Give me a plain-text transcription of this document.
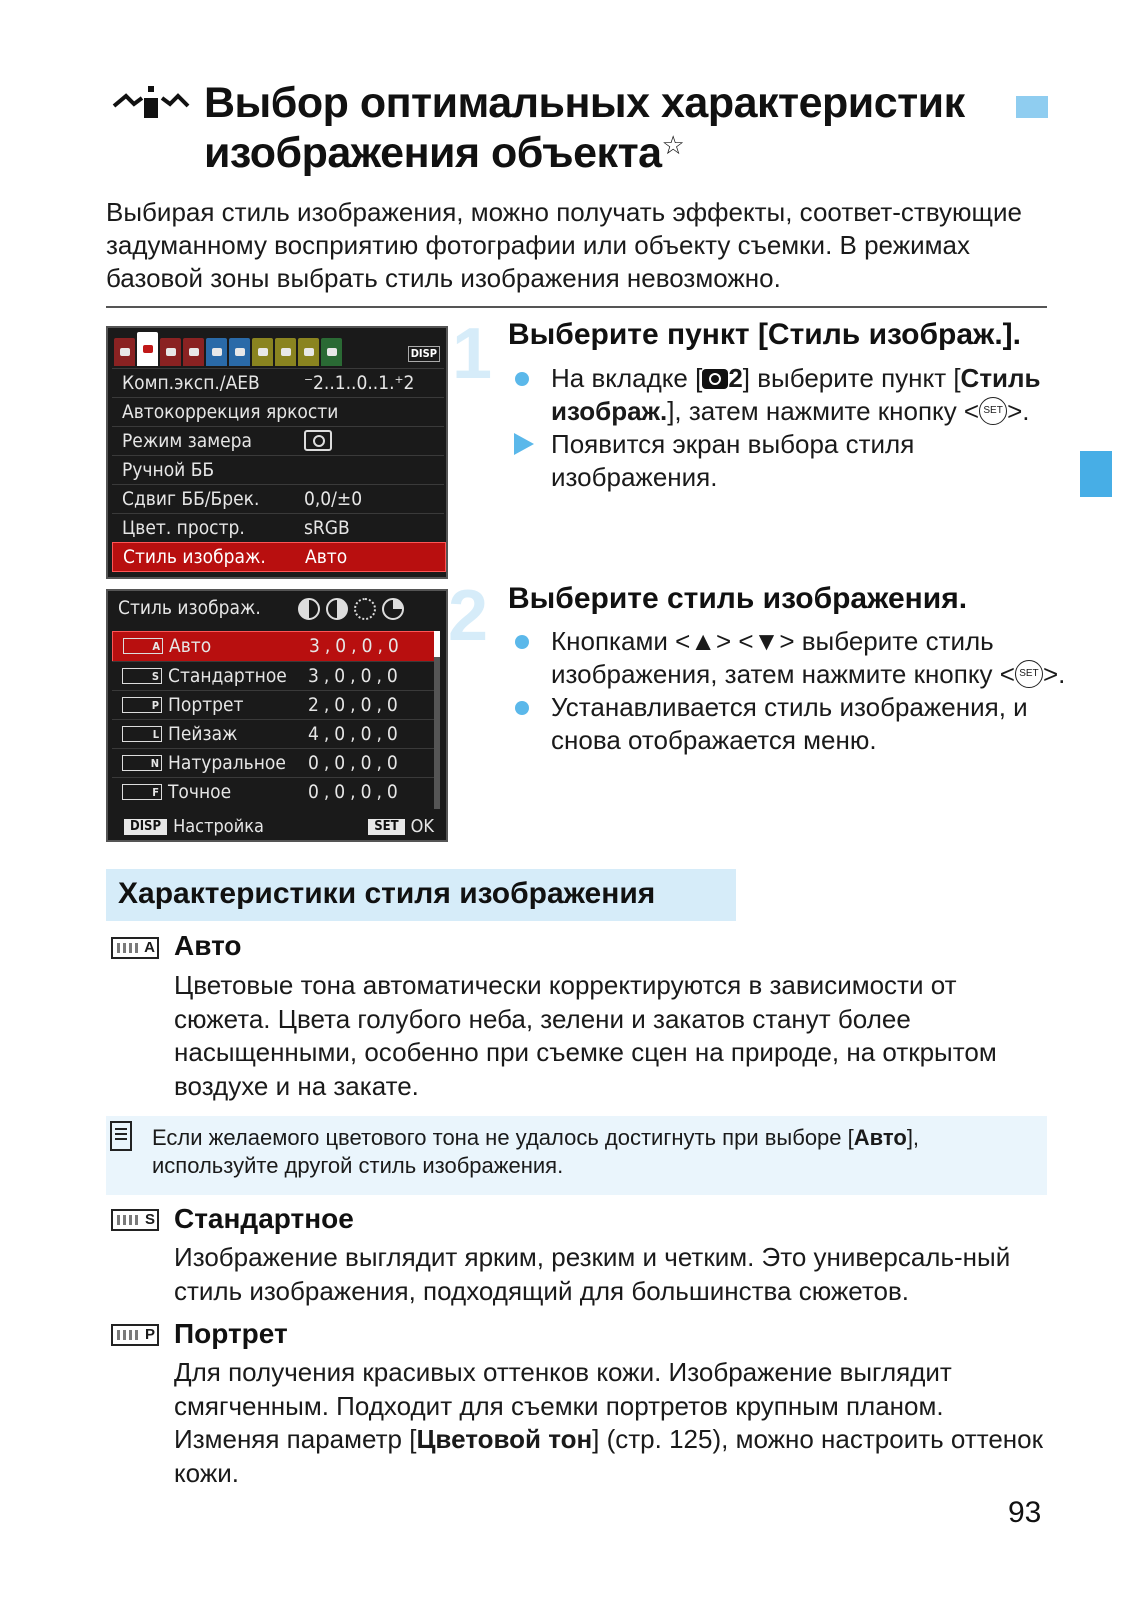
Выбор оптимальных характеристик
изображения объекта☆
Выбирая стиль изображения, можно получать эффекты, соответ-ствующие задуманному восприятию фотографии или объекту съемки. В режимах базовой зоны выбрать стиль изображения невозможно.
DISP
Комп.эксп./AEB ⁻2..1..0..1.⁺2
Автокоррекция яркости
Режим замера
Ручной ББ
Сдвиг ББ/Брек. 0,0/±0
Цвет. простр.	sRGB
Стиль изображ. Авто
Стиль изображ.
A Авто	3,0,0,0
S Стандартное 3,0,0,0
P Портрет	2,0,0,0
L Пейзаж	4,0,0,0
N Натуральное 0,0,0,0
F Точное	0,0,0,0
DISP Настройка	SET OK
1 Выберите пункт [Стиль изображ.].
На вкладке [ 2] выберите пункт [Стиль изображ.], затем нажмите кнопку < SET >.
Появится экран выбора стиля изображения.
2 Выберите стиль изображения.
Кнопками <▲> <▼> выберите стиль изображения, затем нажмите кнопку < SET >.
Устанавливается стиль изображения, и снова отображается меню.
Характеристики стиля изображения
A Авто
Цветовые тона автоматически корректируются в зависимости от сюжета. Цвета голубого неба, зелени и закатов станут более насыщенными, особенно при съемке сцен на природе, на открытом воздухе и на закате.
Если желаемого цветового тона не удалось достигнуть при выборе [Авто], используйте другой стиль изображения.
S Стандартное
Изображение выглядит ярким, резким и четким. Это универсаль-ный стиль изображения, подходящий для большинства сюжетов.
P Портрет
Для получения красивых оттенков кожи. Изображение выглядит смягченным. Подходит для съемки портретов крупным планом. Изменяя параметр [Цветовой тон] (стр. 125), можно настроить оттенок кожи.
93
